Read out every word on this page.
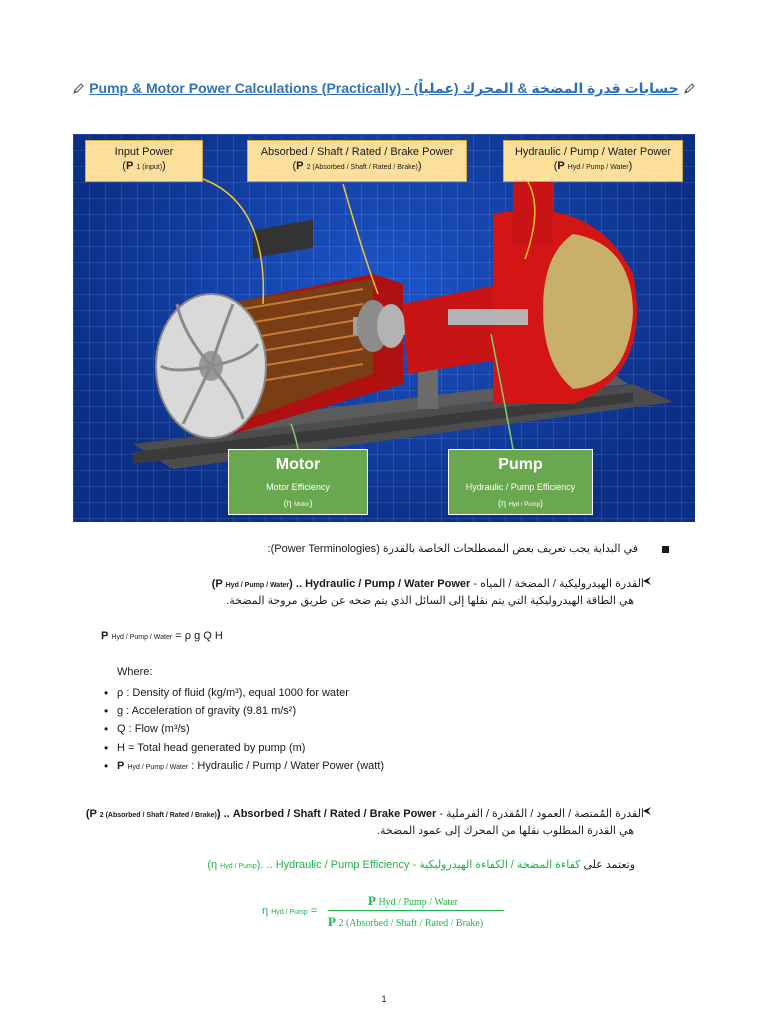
Pump & Motor Power Calculations (Practically) - حسابات قدرة المضخة & المحرك (عملياً)
Input Power
(P 1 (input))
Absorbed / Shaft / Rated / Brake Power
(P 2 (Absorbed / Shaft / Rated / Brake))
Hydraulic / Pump / Water Power
(P Hyd / Pump / Water)
Motor
Motor Efficiency
(η Motor)
Pump
Hydraulic / Pump Efficiency
(η Hyd / Pump)
في البداية يجب تعريف بعض المصطلحات الخاصة بالقدرة (Power Terminologies):
القدرة الهيدروليكية / المضخة / المياه - Hydraulic / Pump / Water Power .. (P Hyd / Pump / Water)
هي الطاقة الهيدروليكية التي يتم نقلها إلى السائل الذي يتم ضخه عن طريق مروحة المضخة.
P Hyd / Pump / Water = ρ g Q H
Where:
• ρ : Density of fluid (kg/m³), equal 1000 for water
• g : Acceleration of gravity (9.81 m/s²)
• Q : Flow (m³/s)
• H = Total head generated by pump (m)
• P Hyd / Pump / Water : Hydraulic / Pump / Water Power (watt)
القدرة المُمتصة / العمود / المُقدرة / الفرملية - Absorbed / Shaft / Rated / Brake Power .. (P 2 (Absorbed / Shaft / Rated / Brake))
هي القدرة المطلوب نقلها من المحرك إلى عمود المضخة.
وتعتمد على كفاءة المضخة / الكفاءة الهيدروليكية - Hydraulic / Pump Efficiency .. (η Hyd / Pump).
η Hyd / Pump =
P Hyd / Pump / Water
P 2 (Absorbed / Shaft / Rated / Brake)
1
